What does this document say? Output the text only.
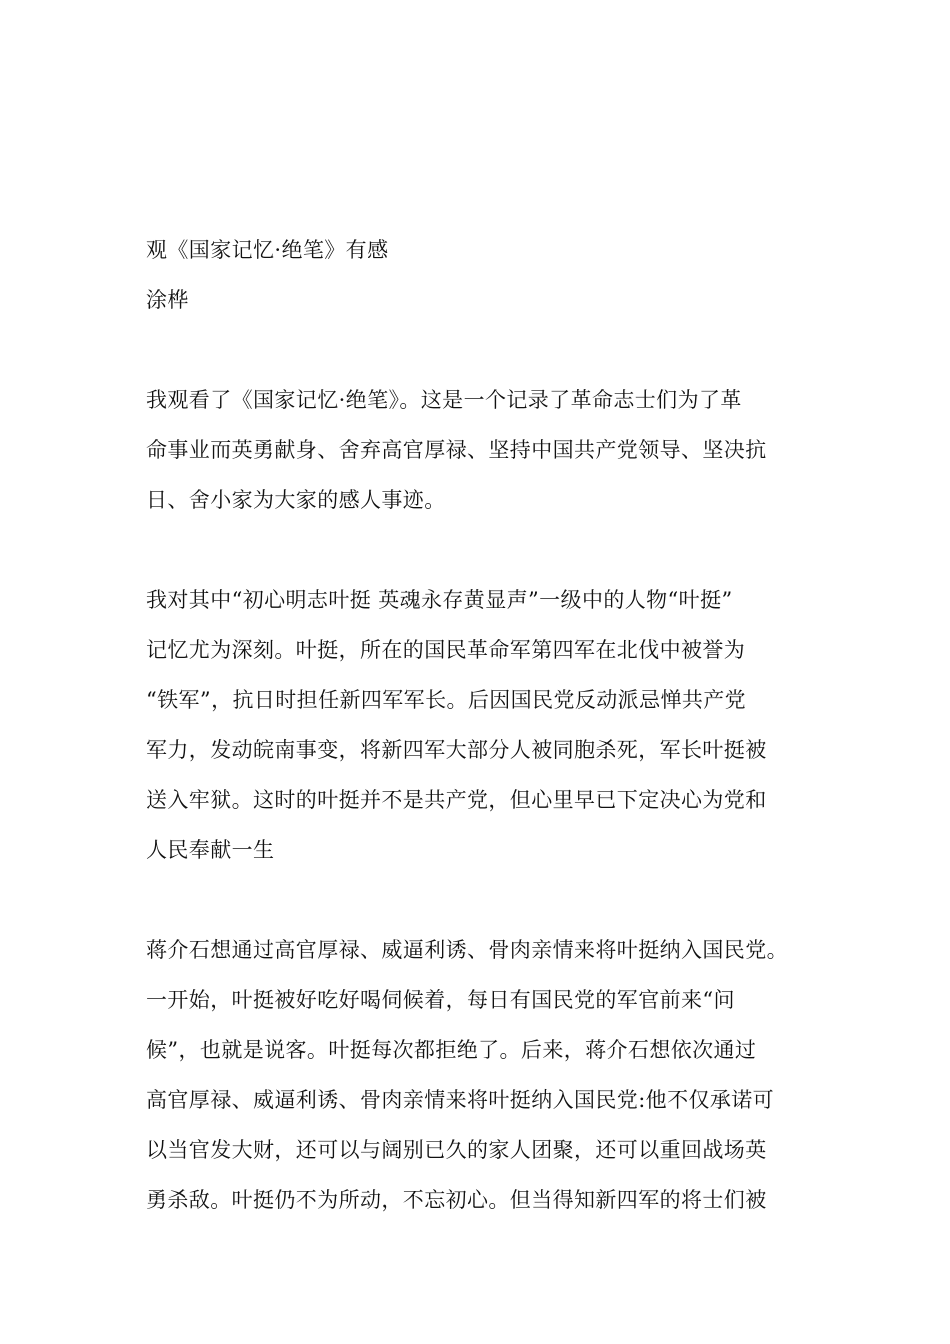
观《国家记忆·绝笔》有感
涂桦
我观看了《国家记忆·绝笔》。这是一个记录了革命志士们为了革
命事业而英勇献身、舍弃高官厚禄、坚持中国共产党领导、坚决抗
日、舍小家为大家的感人事迹。
我对其中“初心明志叶挺 英魂永存黄显声”一级中的人物“叶挺”
记忆尤为深刻。叶挺，所在的国民革命军第四军在北伐中被誉为
“铁军”，抗日时担任新四军军长。后因国民党反动派忌惮共产党
军力，发动皖南事变，将新四军大部分人被同胞杀死，军长叶挺被
送入牢狱。这时的叶挺并不是共产党，但心里早已下定决心为党和
人民奉献一生
蒋介石想通过高官厚禄、威逼利诱、骨肉亲情来将叶挺纳入国民党。
一开始，叶挺被好吃好喝伺候着，每日有国民党的军官前来“问
候”，也就是说客。叶挺每次都拒绝了。后来，蒋介石想依次通过
高官厚禄、威逼利诱、骨肉亲情来将叶挺纳入国民党:他不仅承诺可
以当官发大财，还可以与阔别已久的家人团聚，还可以重回战场英
勇杀敌。叶挺仍不为所动，不忘初心。但当得知新四军的将士们被
